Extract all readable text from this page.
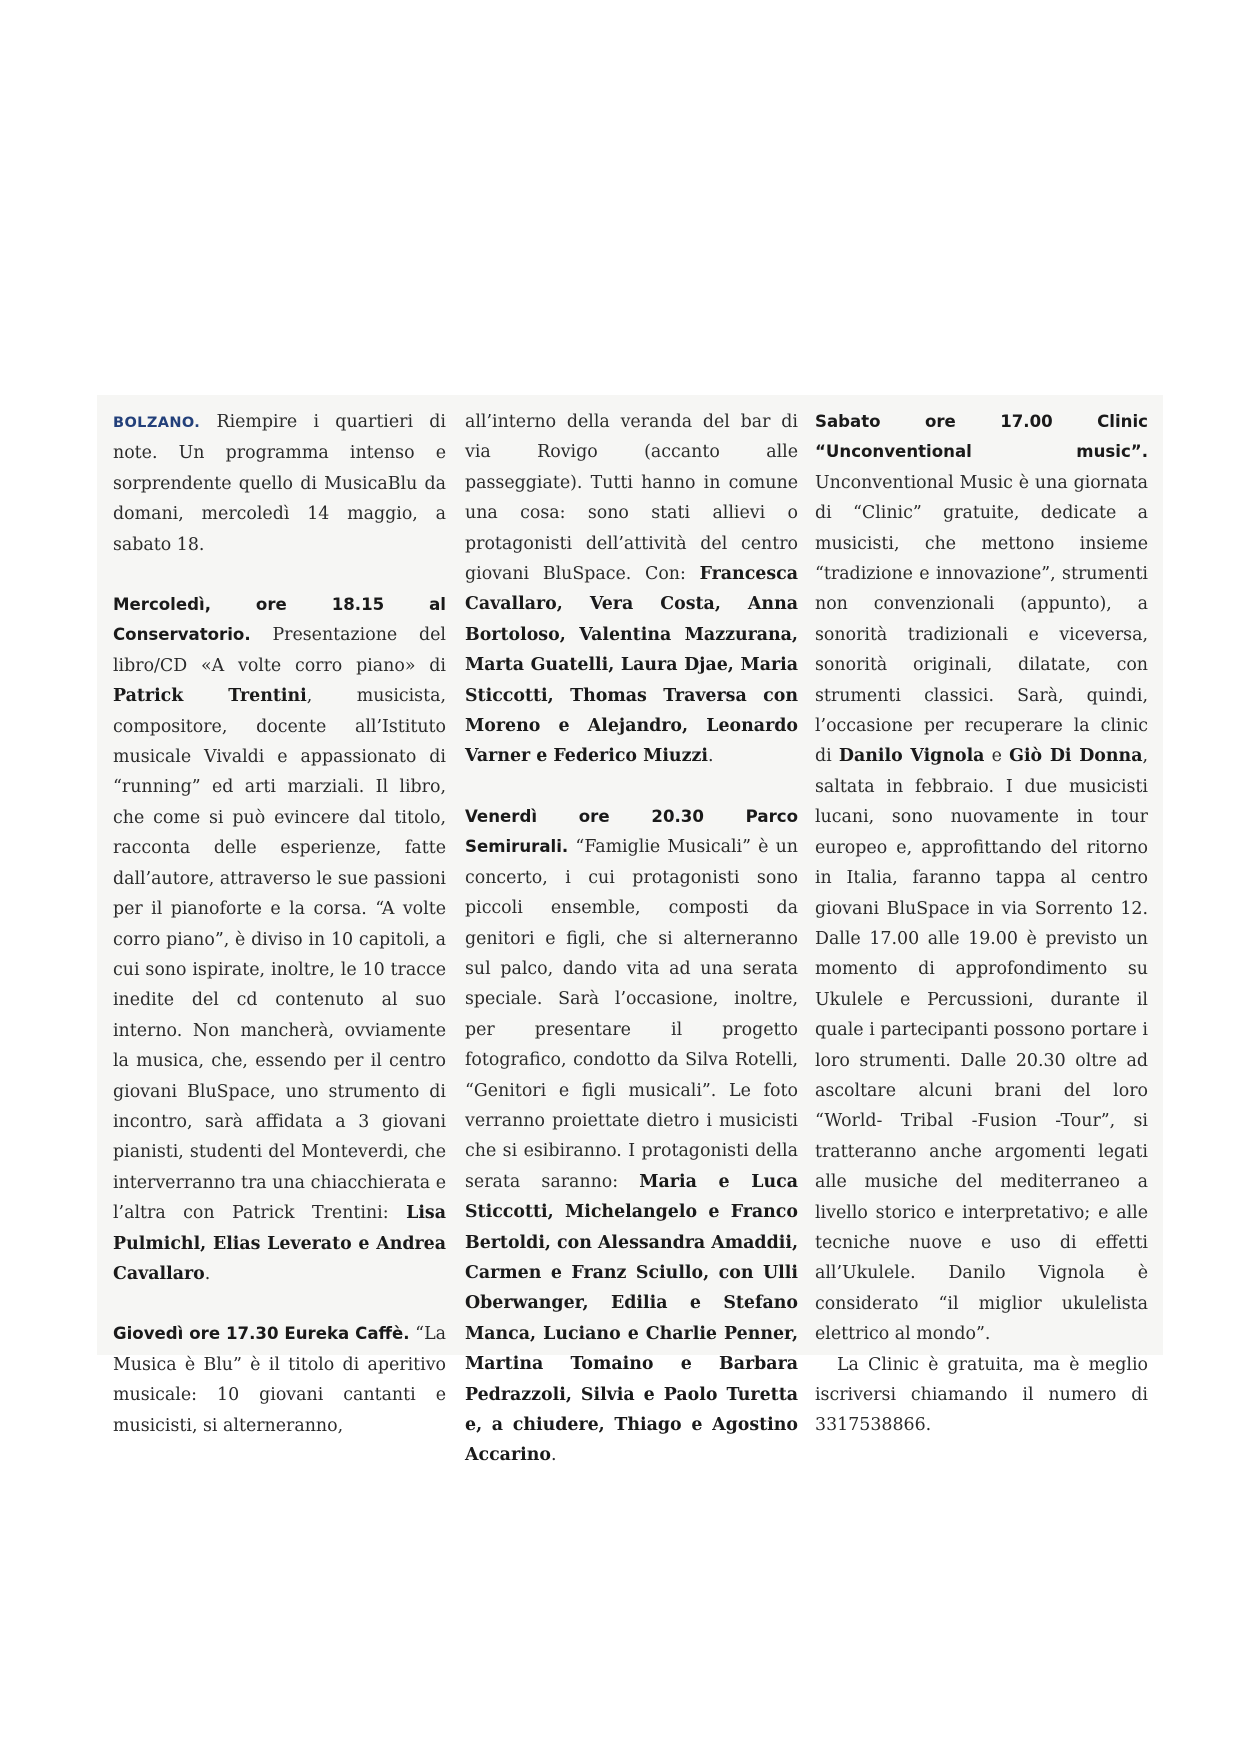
BOLZANO. Riempire i quartieri di note. Un programma intenso e sorprendente quello di MusicaBlu da domani, mercoledì 14 maggio, a sabato 18.

Mercoledì, ore 18.15 al Conservatorio. Presentazione del libro/CD «A volte corro piano» di Patrick Trentini, musicista, compositore, docente all’Istituto musicale Vivaldi e appassionato di “running” ed arti marziali. Il libro, che come si può evincere dal titolo, racconta delle esperienze, fatte dall’autore, attraverso le sue passioni per il pianoforte e la corsa. “A volte corro piano”, è diviso in 10 capitoli, a cui sono ispirate, inoltre, le 10 tracce inedite del cd contenuto al suo interno. Non mancherà, ovviamente la musica, che, essendo per il centro giovani BluSpace, uno strumento di incontro, sarà affidata a 3 giovani pianisti, studenti del Monteverdi, che interverranno tra una chiacchierata e l’altra con Patrick Trentini: Lisa Pulmichl, Elias Leverato e Andrea Cavallaro.

Giovedì ore 17.30 Eureka Caffè. “La Musica è Blu” è il titolo di aperitivo musicale: 10 giovani cantanti e musicisti, si alterneranno,

all’interno della veranda del bar di via Rovigo (accanto alle passeggiate). Tutti hanno in comune una cosa: sono stati allievi o protagonisti dell’attività del centro giovani BluSpace. Con: Francesca Cavallaro, Vera Costa, Anna Bortoloso, Valentina Mazzurana, Marta Guatelli, Laura Djae, Maria Sticcotti, Thomas Traversa con Moreno e Alejandro, Leonardo Varner e Federico Miuzzi.

Venerdì ore 20.30 Parco Semirurali. “Famiglie Musicali” è un concerto, i cui protagonisti sono piccoli ensemble, composti da genitori e figli, che si alterneranno sul palco, dando vita ad una serata speciale. Sarà l’occasione, inoltre, per presentare il progetto fotografico, condotto da Silva Rotelli, “Genitori e figli musicali”. Le foto verranno proiettate dietro i musicisti che si esibiranno. I protagonisti della serata saranno: Maria e Luca Sticcotti, Michelangelo e Franco Bertoldi, con Alessandra Amaddii, Carmen e Franz Sciullo, con Ulli Oberwanger, Edilia e Stefano Manca, Luciano e Charlie Penner, Martina Tomaino e Barbara Pedrazzoli, Silvia e Paolo Turetta e, a chiudere, Thiago e Agostino Accarino.

Sabato ore 17.00 Clinic “Unconventional music”. Unconventional Music è una giornata di “Clinic” gratuite, dedicate a musicisti, che mettono insieme “tradizione e innovazione”, strumenti non convenzionali (appunto), a sonorità tradizionali e viceversa, sonorità originali, dilatate, con strumenti classici. Sarà, quindi, l’occasione per recuperare la clinic di Danilo Vignola e Giò Di Donna, saltata in febbraio. I due musicisti lucani, sono nuovamente in tour europeo e, approfittando del ritorno in Italia, faranno tappa al centro giovani BluSpace in via Sorrento 12. Dalle 17.00 alle 19.00 è previsto un momento di approfondimento su Ukulele e Percussioni, durante il quale i partecipanti possono portare i loro strumenti. Dalle 20.30 oltre ad ascoltare alcuni brani del loro “World- Tribal -Fusion -Tour”, si tratteranno anche argomenti legati alle musiche del mediterraneo a livello storico e interpretativo; e alle tecniche nuove e uso di effetti all’Ukulele. Danilo Vignola è considerato “il miglior ukulelista elettrico al mondo”.

La Clinic è gratuita, ma è meglio iscriversi chiamando il numero di 3317538866.
